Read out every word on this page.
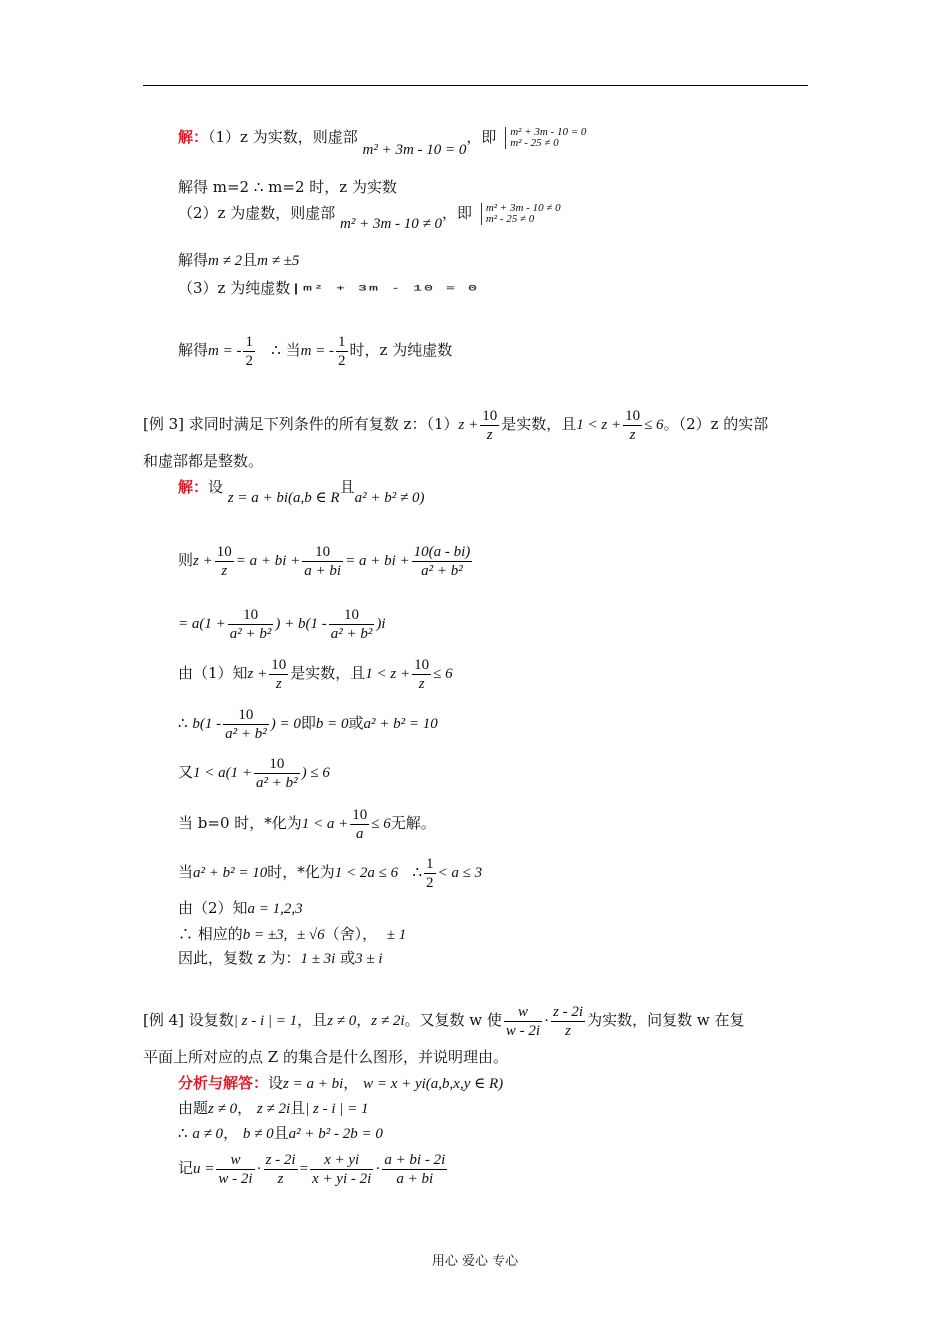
解：（1）z 为实数，则虚部 m² + 3m - 10 = 0，即 m² + 3m - 10 = 0
m² - 25 ≠ 0
解得 m=2 ∴ m=2 时，z 为实数
（2）z 为虚数，则虚部 m² + 3m - 10 ≠ 0，即 m² + 3m - 10 ≠ 0
m² - 25 ≠ 0
解得m ≠ 2且m ≠ ±5
（3）z 为纯虚数 m² + 3m - 10 = 0
解得m = - $\frac{1}{2}$ ∴ 当m = - $\frac{1}{2}$ 时，z 为纯虚数
[例 3] 求同时满足下列条件的所有复数 z：$(1)z + \frac{10}{z}$ 是实数，且$1 < z + \frac{10}{z} \le 6$。（2）z 的实部
和虚部都是整数。
解：设 z = a + bi(a,b ∈ R且a² + b² ≠ 0)
则$z + \frac{10}{z} = a$ + bi + $\frac{10}{a + bi} = a$ + bi + $\frac{10(a - bi)}{\text{a² + b²}}$
= $a(1 + \frac{10}{\text{a² + b²}}$ ) + $b(1 - \frac{10}{\text{a² + b²}} )i$
由（1）知$z + \frac{10}{z}$ 是实数，且$1 < z + \frac{10}{z} \le 6$
∴ $b(1 - \frac{10}{\text{a² + b²}}$ ) = 0即b = 0或a² + b² = 10
又$1 < a(1 + \frac{10}{\text{a² + b²}}$ ) ≤ 6
当 b=0 时，*化为$1 < a + \frac{10}{a} \le 6$无解。
当a² + b² = 10时，*化为1 < 2a ≤ 6 ∴ $\frac{1}{2} < a \le 3$
由（2）知a = 1,2,3
∴ 相应的b = ±3, ± √6（舍）， ± 1
因此，复数 z 为：1 ± 3i 或3 ± i
[例 4] 设复数| z - i | = 1，且z ≠ 0，z ≠ 2i。又复数 w 使 $\frac{w}{w - 2i} \cdot \frac{z - 2i}{z}$ 为实数，问复数 w 在复
平面上所对应的点 Z 的集合是什么图形，并说明理由。
分析与解答：设z = a + bi， w = x + yi(a,b,x,y ∈ R)
由题z ≠ 0， z ≠ 2i且| z - i | = 1
∴ a ≠ 0， b ≠ 0且a² + b² - 2b = 0
记$u = \frac{w}{w - 2i} \cdot \frac{z - 2i}{z} = \frac{x + yi}{x + yi - 2i} \cdot \frac{a + bi - 2i}{a + bi}$
用心 爱心 专心
